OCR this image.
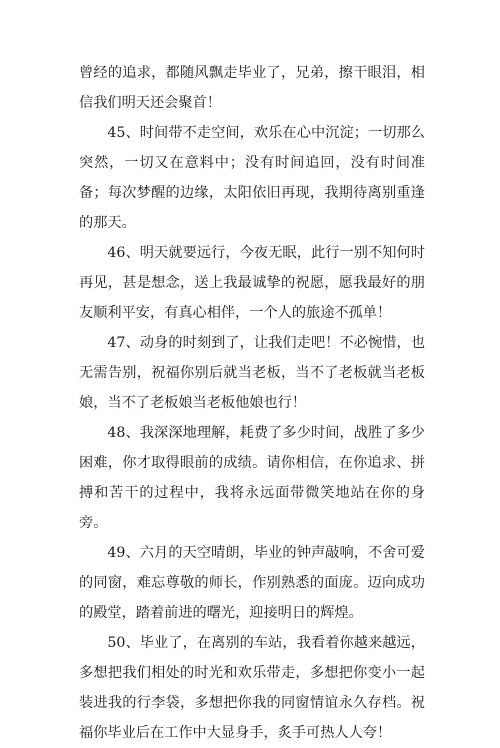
曾经的追求，都随风飘走毕业了，兄弟，擦干眼泪，相信我们明天还会聚首！

45、时间带不走空间，欢乐在心中沉淀；一切那么突然，一切又在意料中；没有时间追回，没有时间准备；每次梦醒的边缘，太阳依旧再现，我期待离别重逢的那天。

46、明天就要远行，今夜无眠，此行一别不知何时再见，甚是想念，送上我最诚挚的祝愿，愿我最好的朋友顺利平安，有真心相伴，一个人的旅途不孤单！

47、动身的时刻到了，让我们走吧！不必惋惜，也无需告别，祝福你别后就当老板，当不了老板就当老板娘，当不了老板娘当老板他娘也行！

48、我深深地理解，耗费了多少时间，战胜了多少困难，你才取得眼前的成绩。请你相信，在你追求、拼搏和苦干的过程中，我将永远面带微笑地站在你的身旁。

49、六月的天空晴朗，毕业的钟声敲响，不舍可爱的同窗，难忘尊敬的师长，作别熟悉的面庞。迈向成功的殿堂，踏着前进的曙光，迎接明日的辉煌。

50、毕业了，在离别的车站，我看着你越来越远，多想把我们相处的时光和欢乐带走，多想把你变小一起装进我的行李袋，多想把你我的同窗情谊永久存档。祝福你毕业后在工作中大显身手，炙手可热人人夸！
